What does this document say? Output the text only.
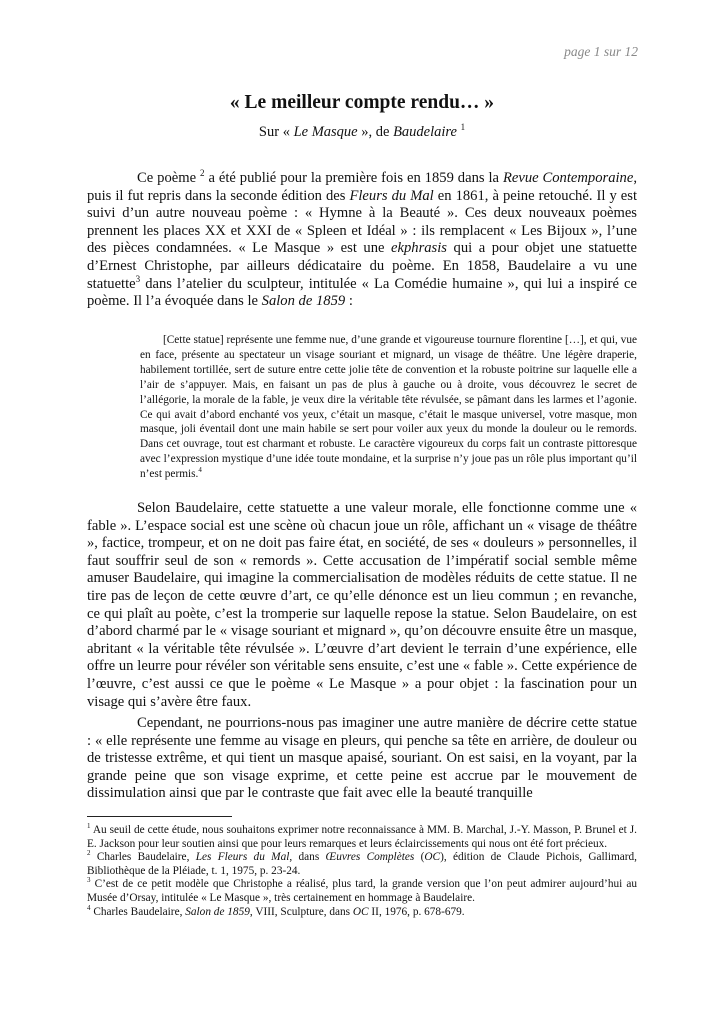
page 1 sur 12
« Le meilleur compte rendu… »
Sur « Le Masque », de Baudelaire $^1$

Ce poème $^2$ a été publié pour la première fois en 1859 dans la Revue Contemporaine, puis il fut repris dans la seconde édition des Fleurs du Mal en 1861, à peine retouché. Il y est suivi d’un autre nouveau poème : « Hymne à la Beauté ». Ces deux nouveaux poèmes prennent les places XX et XXI de « Spleen et Idéal » : ils remplacent « Les Bijoux », l’une des pièces condamnées. « Le Masque » est une ekphrasis qui a pour objet une statuette d’Ernest Christophe, par ailleurs dédicataire du poème. En 1858, Baudelaire a vu une statuette$^3$ dans l’atelier du sculpteur, intitulée « La Comédie humaine », qui lui a inspiré ce poème. Il l’a évoquée dans le Salon de 1859 :

[Cette statue] représente une femme nue, d’une grande et vigoureuse tournure florentine […], et qui, vue en face, présente au spectateur un visage souriant et mignard, un visage de théâtre. Une légère draperie, habilement tortillée, sert de suture entre cette jolie tête de convention et la robuste poitrine sur laquelle elle a l’air de s’appuyer. Mais, en faisant un pas de plus à gauche ou à droite, vous découvrez le secret de l’allégorie, la morale de la fable, je veux dire la véritable tête révulsée, se pâmant dans les larmes et l’agonie. Ce qui avait d’abord enchanté vos yeux, c’était un masque, c’était le masque universel, votre masque, mon masque, joli éventail dont une main habile se sert pour voiler aux yeux du monde la douleur ou le remords. Dans cet ouvrage, tout est charmant et robuste. Le caractère vigoureux du corps fait un contraste pittoresque avec l’expression mystique d’une idée toute mondaine, et la surprise n’y joue pas un rôle plus important qu’il n’est permis.$^4$

Selon Baudelaire, cette statuette a une valeur morale, elle fonctionne comme une « fable ». L’espace social est une scène où chacun joue un rôle, affichant un « visage de théâtre », factice, trompeur, et on ne doit pas faire état, en société, de ses « douleurs » personnelles, il faut souffrir seul de son « remords ». Cette accusation de l’impératif social semble même amuser Baudelaire, qui imagine la commercialisation de modèles réduits de cette statue. Il ne tire pas de leçon de cette œuvre d’art, ce qu’elle dénonce est un lieu commun ; en revanche, ce qui plaît au poète, c’est la tromperie sur laquelle repose la statue. Selon Baudelaire, on est d’abord charmé par le « visage souriant et mignard », qu’on découvre ensuite être un masque, abritant « la véritable tête révulsée ». L’œuvre d’art devient le terrain d’une expérience, elle offre un leurre pour révéler son véritable sens ensuite, c’est une « fable ». Cette expérience de l’œuvre, c’est aussi ce que le poème « Le Masque » a pour objet : la fascination pour un visage qui s’avère être faux.

Cependant, ne pourrions-nous pas imaginer une autre manière de décrire cette statue : « elle représente une femme au visage en pleurs, qui penche sa tête en arrière, de douleur ou de tristesse extrême, et qui tient un masque apaisé, souriant. On est saisi, en la voyant, par la grande peine que son visage exprime, et cette peine est accrue par le mouvement de dissimulation ainsi que par le contraste que fait avec elle la beauté tranquille

$^1$ Au seuil de cette étude, nous souhaitons exprimer notre reconnaissance à MM. B. Marchal, J.-Y. Masson, P. Brunel et J. E. Jackson pour leur soutien ainsi que pour leurs remarques et leurs éclaircissements qui nous ont été fort précieux.

$^2$ Charles Baudelaire, Les Fleurs du Mal, dans Œuvres Complètes (OC), édition de Claude Pichois, Gallimard, Bibliothèque de la Pléiade, t. 1, 1975, p. 23-24.

$^3$ C’est de ce petit modèle que Christophe a réalisé, plus tard, la grande version que l’on peut admirer aujourd’hui au Musée d’Orsay, intitulée « Le Masque », très certainement en hommage à Baudelaire.

$^4$ Charles Baudelaire, Salon de 1859, VIII, Sculpture, dans OC II, 1976, p. 678-679.
